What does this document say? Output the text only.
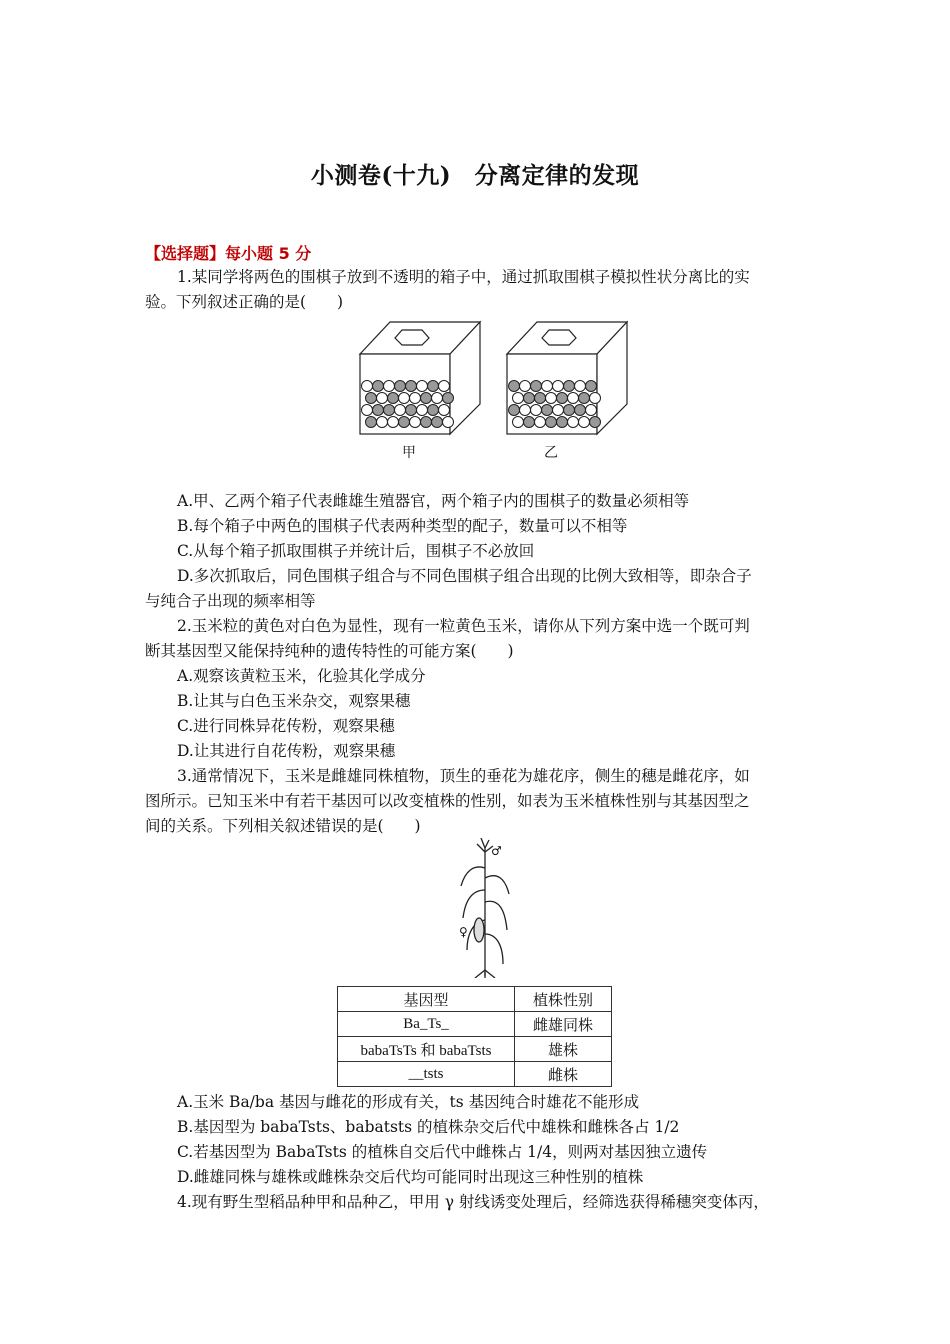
小测卷(十九)　分离定律的发现
【选择题】每小题 5 分
1.某同学将两色的围棋子放到不透明的箱子中，通过抓取围棋子模拟性状分离比的实
验。下列叙述正确的是(　　)
甲	乙
A.甲、乙两个箱子代表雌雄生殖器官，两个箱子内的围棋子的数量必须相等
B.每个箱子中两色的围棋子代表两种类型的配子，数量可以不相等
C.从每个箱子抓取围棋子并统计后，围棋子不必放回
D.多次抓取后，同色围棋子组合与不同色围棋子组合出现的比例大致相等，即杂合子
与纯合子出现的频率相等
2.玉米粒的黄色对白色为显性，现有一粒黄色玉米，请你从下列方案中选一个既可判
断其基因型又能保持纯种的遗传特性的可能方案(　　)
A.观察该黄粒玉米，化验其化学成分
B.让其与白色玉米杂交，观察果穗
C.进行同株异花传粉，观察果穗
D.让其进行自花传粉，观察果穗
3.通常情况下，玉米是雌雄同株植物，顶生的垂花为雄花序，侧生的穗是雌花序，如
图所示。已知玉米中有若干基因可以改变植株的性别，如表为玉米植株性别与其基因型之
间的关系。下列相关叙述错误的是(　　)
♂
♀
基因型	植株性别
Ba_Ts_	雌雄同株
babaTsTs 和 babaTsts	雄株
__tsts	雌株
A.玉米 Ba/ba 基因与雌花的形成有关，ts 基因纯合时雄花不能形成
B.基因型为 babaTsts、babatsts 的植株杂交后代中雄株和雌株各占 1/2
C.若基因型为 BabaTsts 的植株自交后代中雌株占 1/4，则两对基因独立遗传
D.雌雄同株与雄株或雌株杂交后代均可能同时出现这三种性别的植株
4.现有野生型稻品种甲和品种乙，甲用 γ 射线诱变处理后，经筛选获得稀穗突变体丙，
